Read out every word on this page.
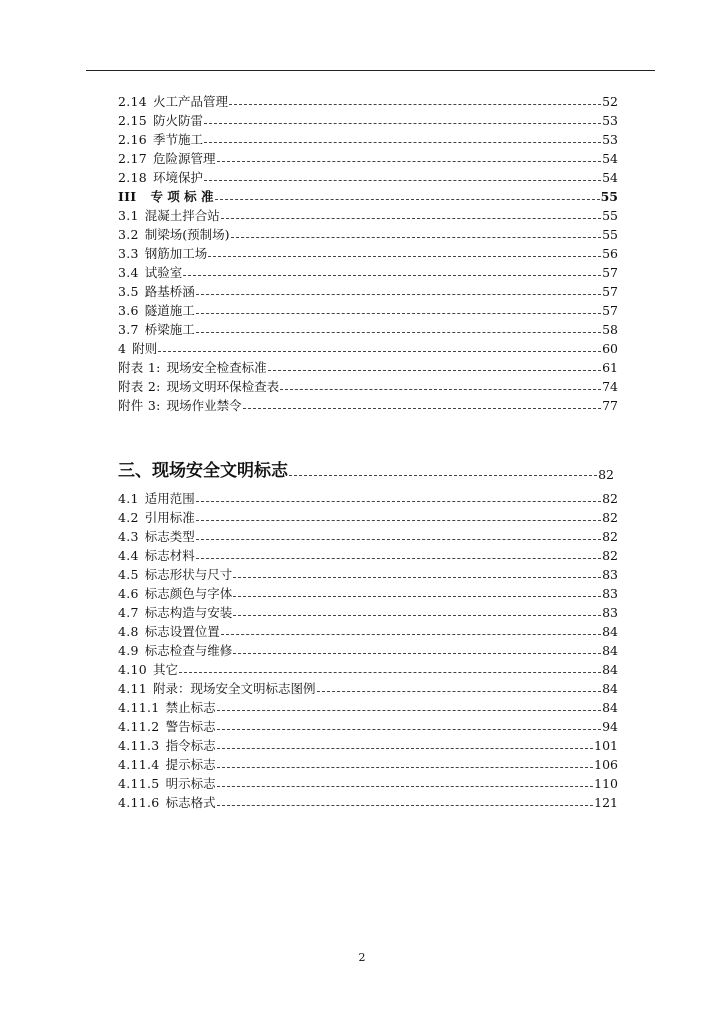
2.14 火工产品管理	52
2.15 防火防雷	53
2.16 季节施工	53
2.17 危险源管理	54
2.18 环境保护	54
III	专 项 标 准	55
3.1 混凝土拌合站	55
3.2 制梁场(预制场)	55
3.3 钢筋加工场	56
3.4 试验室	57
3.5 路基桥涵	57
3.6 隧道施工	57
3.7 桥梁施工	58
4 附则	60
附表 1: 现场安全检查标准	61
附表 2: 现场文明环保检查表	74
附件 3: 现场作业禁令	77
三、现场安全文明标志	82
4.1 适用范围	82
4.2 引用标准	82
4.3 标志类型	82
4.4 标志材料	82
4.5 标志形状与尺寸	83
4.6 标志颜色与字体	83
4.7 标志构造与安装	83
4.8 标志设置位置	84
4.9 标志检查与维修	84
4.10 其它	84
4.11 附录：现场安全文明标志图例	84
4.11.1 禁止标志	84
4.11.2 警告标志	94
4.11.3 指令标志	101
4.11.4 提示标志	106
4.11.5 明示标志	110
4.11.6 标志格式	121
2
